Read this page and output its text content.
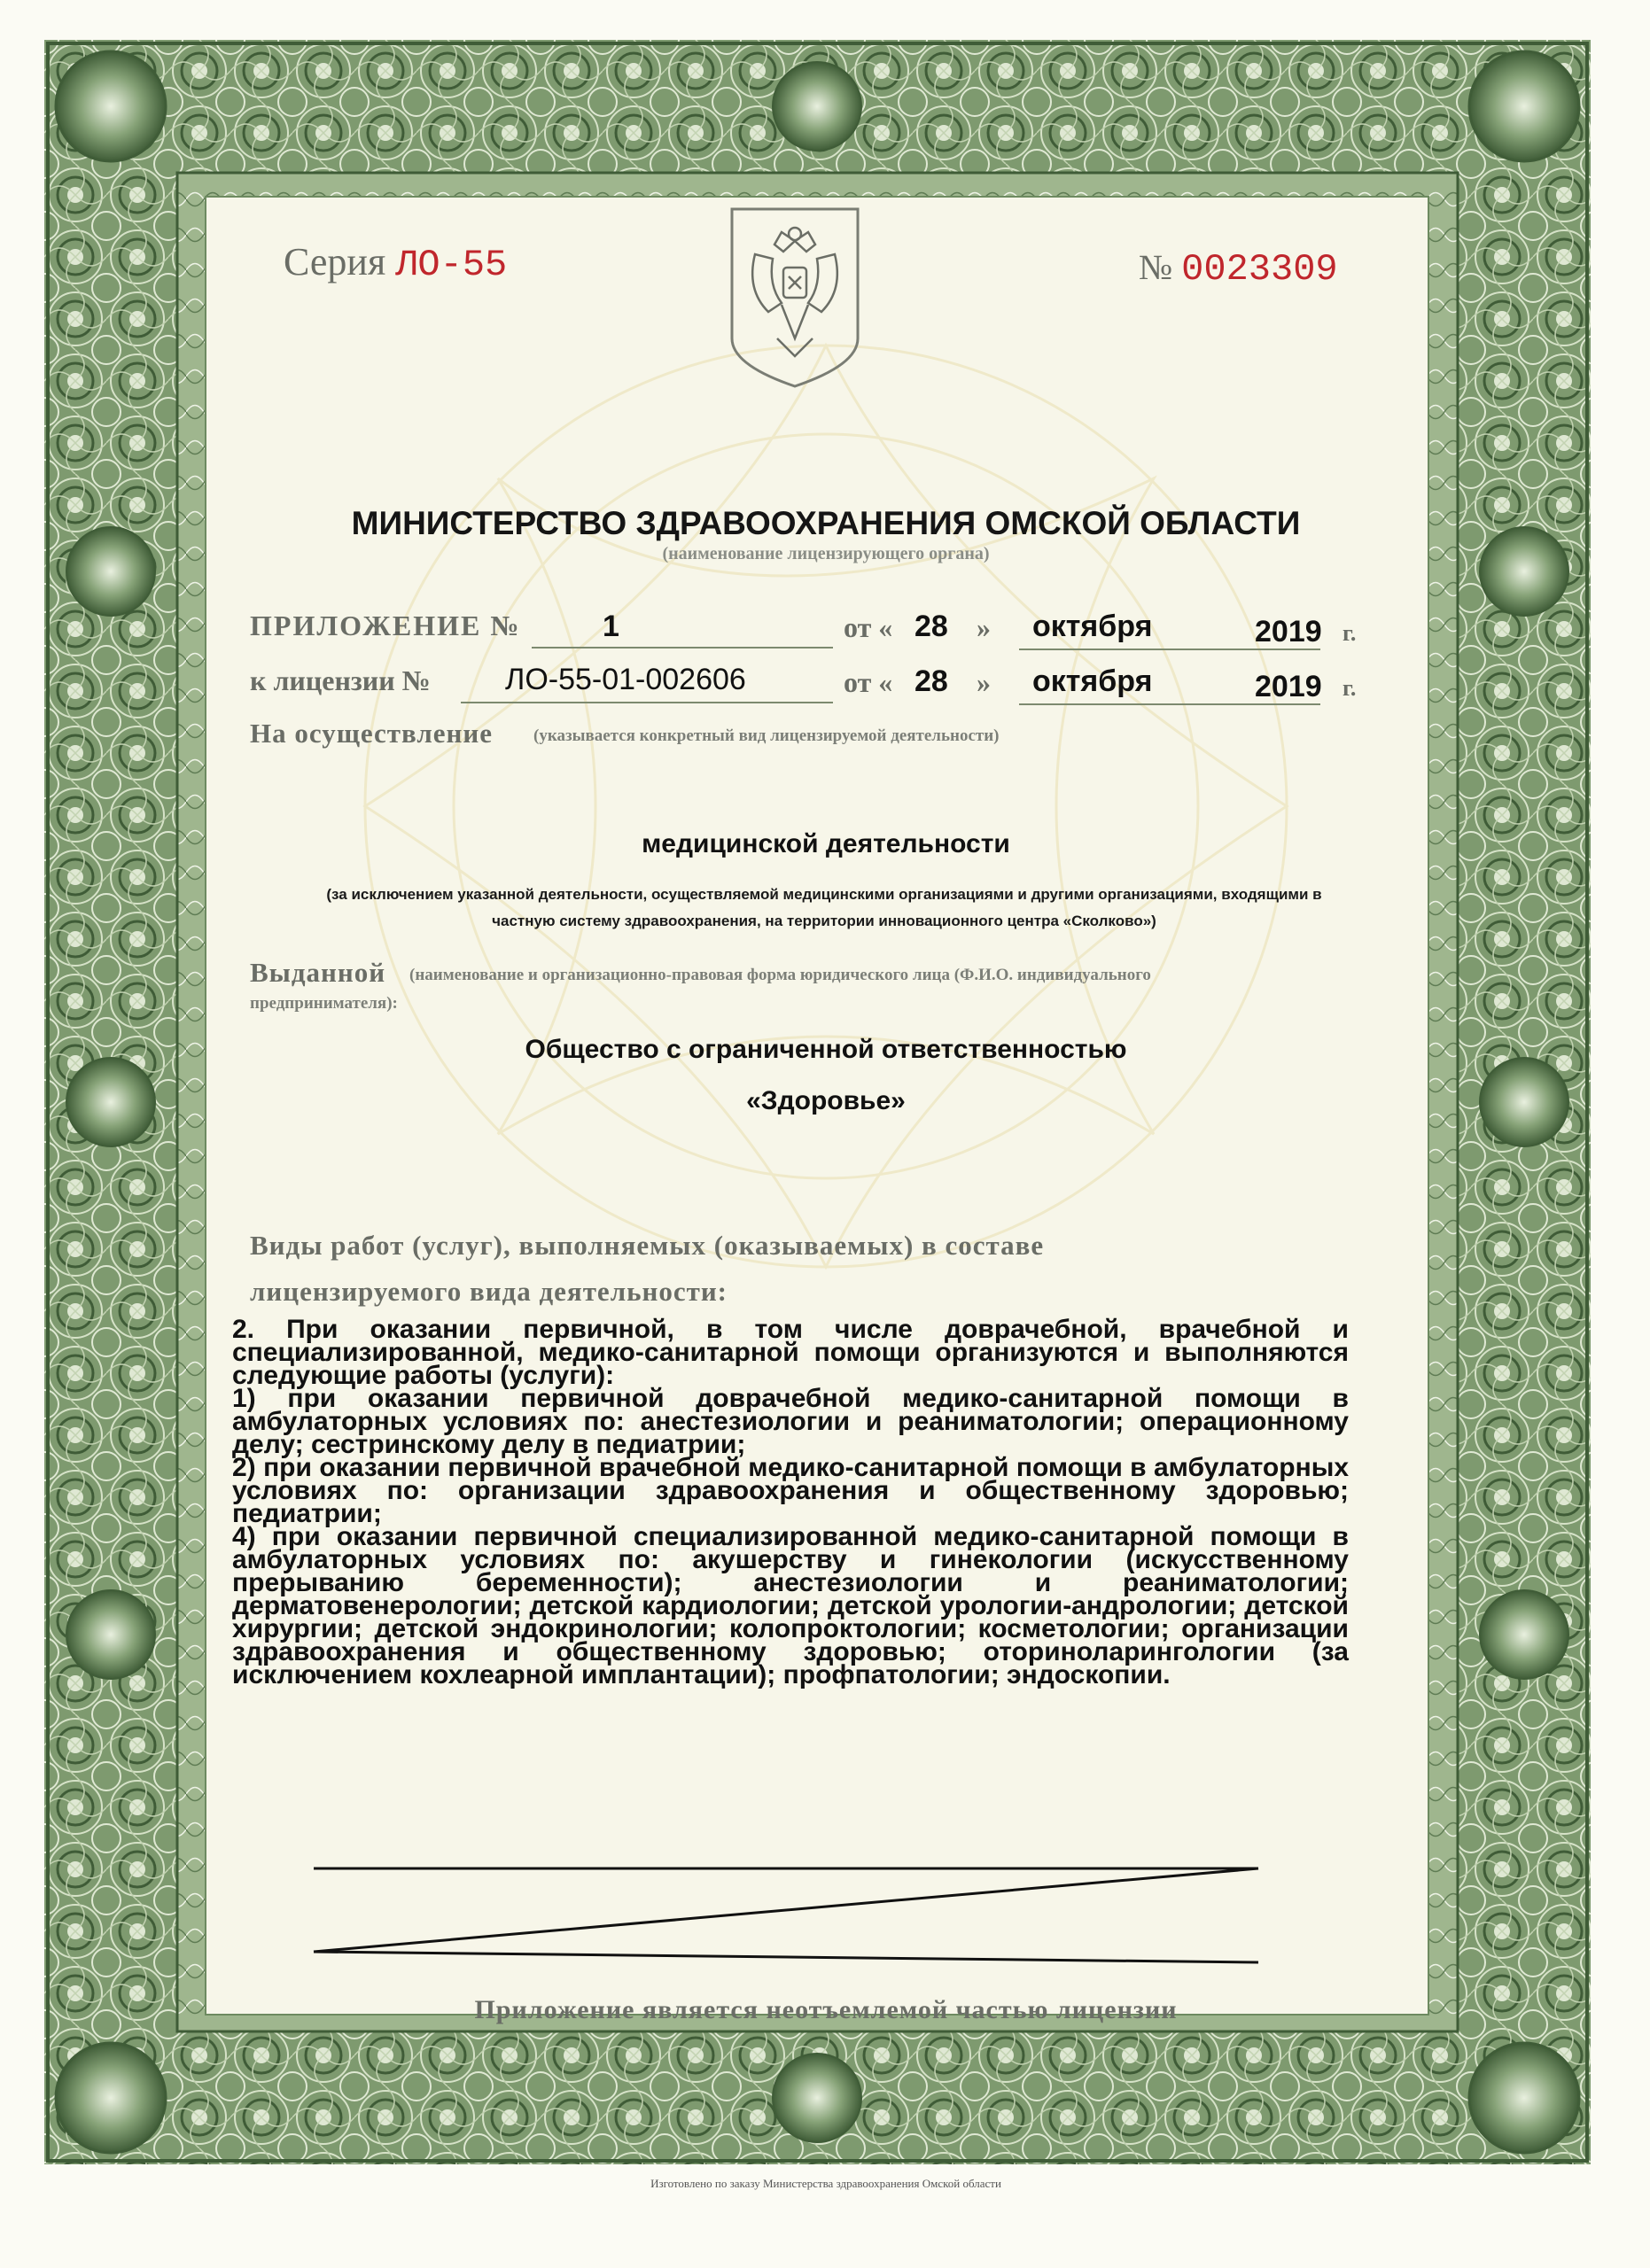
Серия ЛО-55	№ 0023309
МИНИСТЕРСТВО ЗДРАВООХРАНЕНИЯ ОМСКОЙ ОБЛАСТИ
(наименование лицензирующего органа)
ПРИЛОЖЕНИЕ №	1	от « 28 » октября	2019 г.
к лицензии № ЛО-55-01-002606	от « 28 » октября	2019 г.
На осуществление (указывается конкретный вид лицензируемой деятельности)
медицинской деятельности
(за исключением указанной деятельности, осуществляемой медицинскими организациями и другими организациями, входящими в
частную систему здравоохранения, на территории инновационного центра «Сколково»)
Выданной (наименование и организационно-правовая форма юридического лица (Ф.И.О. индивидуального
предпринимателя):
Общество с ограниченной ответственностью
«Здоровье»
Виды работ (услуг), выполняемых (оказываемых) в составе
лицензируемого вида деятельности:

2. При оказании первичной, в том числе доврачебной, врачебной и специализированной, медико-санитарной помощи организуются и выполняются следующие работы (услуги):

1) при оказании первичной доврачебной медико-санитарной помощи в амбулаторных условиях по: анестезиологии и реаниматологии; операционному делу; сестринскому делу в педиатрии;

2) при оказании первичной врачебной медико-санитарной помощи в амбулаторных условиях по: организации здравоохранения и общественному здоровью; педиатрии;

4) при оказании первичной специализированной медико-санитарной помощи в амбулаторных условиях по: акушерству и гинекологии (искусственному прерыванию беременности); анестезиологии и реаниматологии; дерматовенерологии; детской кардиологии; детской урологии-андрологии; детской хирургии; детской эндокринологии; колопроктологии; косметологии; организации здравоохранения и общественному здоровью; оториноларингологии (за исключением кохлеарной имплантации); профпатологии; эндоскопии.

Приложение является неотъемлемой частью лицензии
Изготовлено по заказу Министерства здравоохранения Омской области
